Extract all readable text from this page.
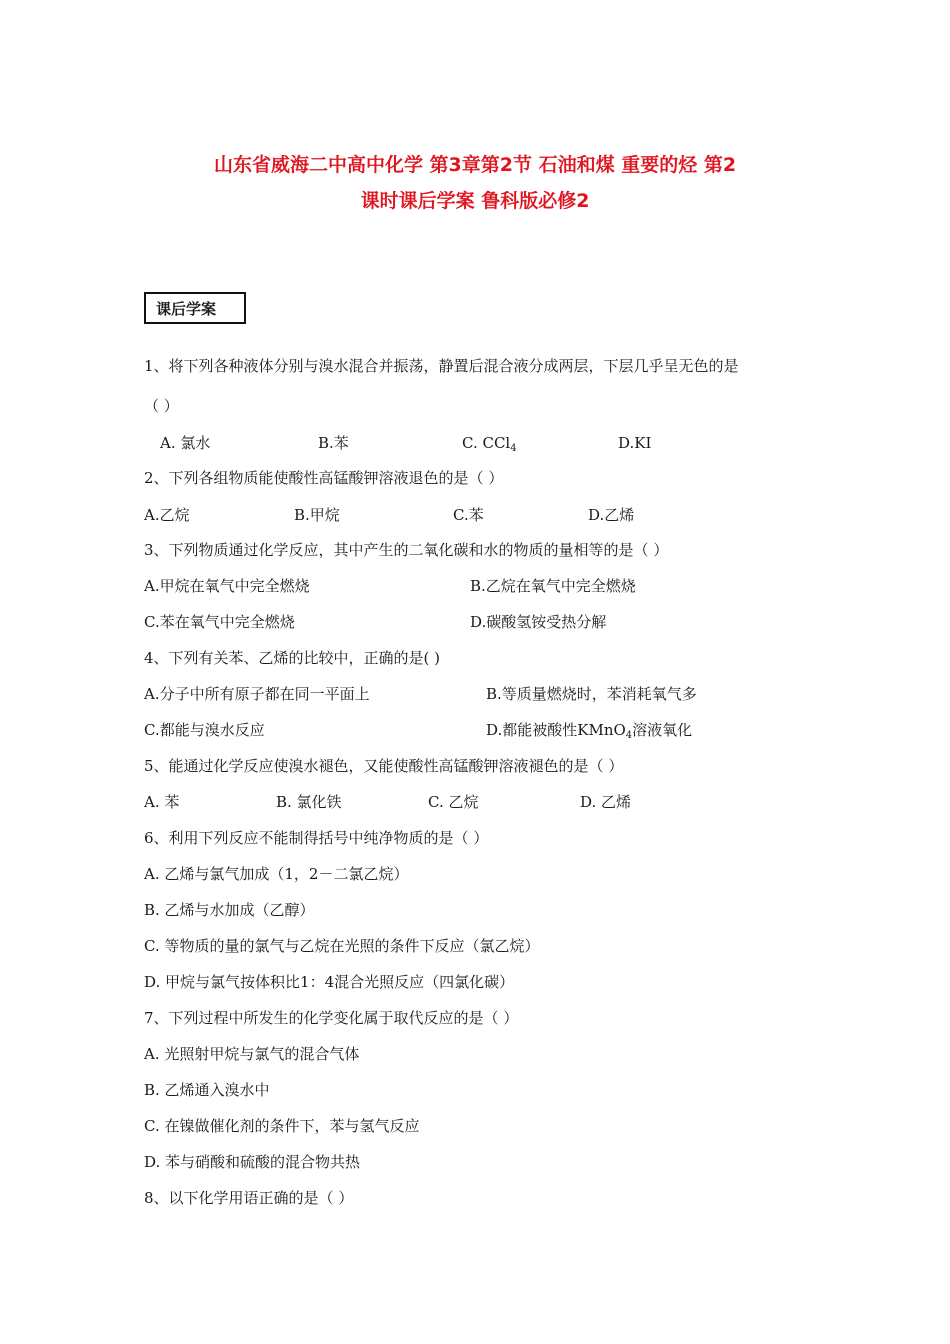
山东省威海二中高中化学 第3章第2节 石油和煤 重要的烃 第2
课时课后学案 鲁科版必修2
课后学案
1、将下列各种液体分别与溴水混合并振荡，静置后混合液分成两层，下层几乎呈无色的是
（ ）
A. 氯水	B.苯	C. CCl$_4$	D.KI
2、下列各组物质能使酸性高锰酸钾溶液退色的是（ ）
A.乙烷	B.甲烷	C.苯	D.乙烯
3、下列物质通过化学反应，其中产生的二氧化碳和水的物质的量相等的是（ ）
A.甲烷在氧气中完全燃烧	B.乙烷在氧气中完全燃烧
C.苯在氧气中完全燃烧	D.碳酸氢铵受热分解
4、下列有关苯、乙烯的比较中，正确的是( )
A.分子中所有原子都在同一平面上	B.等质量燃烧时，苯消耗氧气多
C.都能与溴水反应	D.都能被酸性KMnO$_4$溶液氧化
5、能通过化学反应使溴水褪色，又能使酸性高锰酸钾溶液褪色的是（ ）
A. 苯	B. 氯化铁	C. 乙烷	D. 乙烯
6、利用下列反应不能制得括号中纯净物质的是（ ）
A. 乙烯与氯气加成（1，2－二氯乙烷）
B. 乙烯与水加成（乙醇）
C. 等物质的量的氯气与乙烷在光照的条件下反应（氯乙烷）
D. 甲烷与氯气按体积比1：4混合光照反应（四氯化碳）
7、下列过程中所发生的化学变化属于取代反应的是（ ）
A. 光照射甲烷与氯气的混合气体
B. 乙烯通入溴水中
C. 在镍做催化剂的条件下，苯与氢气反应
D. 苯与硝酸和硫酸的混合物共热
8、以下化学用语正确的是（ ）
